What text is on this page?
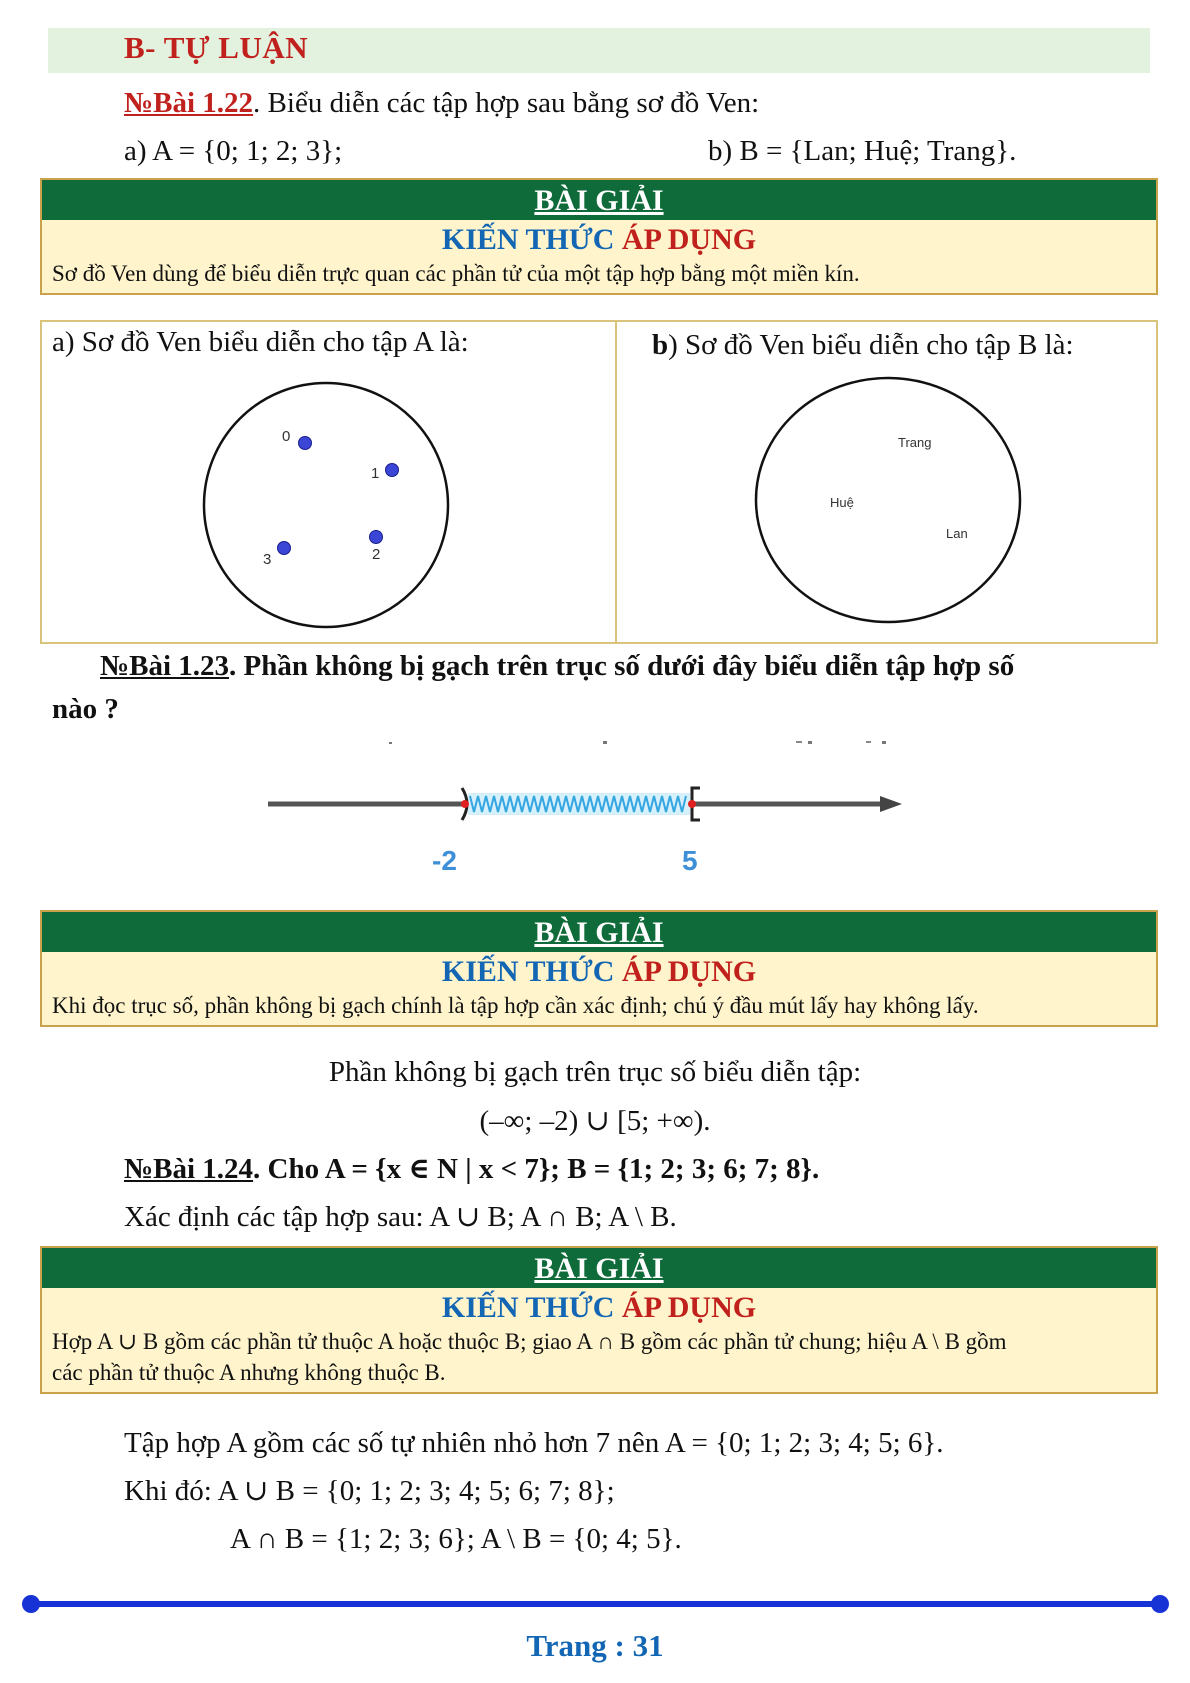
B- TỰ LUẬN
№Bài 1.22. Biểu diễn các tập hợp sau bằng sơ đồ Ven:
a) A = {0; 1; 2; 3};	b) B = {Lan; Huệ; Trang}.
BÀI GIẢI
KIẾN THỨC ÁP DỤNG
Sơ đồ Ven dùng để biểu diễn trực quan các phần tử của một tập hợp bằng một miền kín.
a) Sơ đồ Ven biểu diễn cho tập A là:	b) Sơ đồ Ven biểu diễn cho tập B là:
0
1
2
3
Trang
Huệ
Lan
№Bài 1.23. Phần không bị gạch trên trục số dưới đây biểu diễn tập hợp số
nào ?
-2	5
BÀI GIẢI
KIẾN THỨC ÁP DỤNG
Khi đọc trục số, phần không bị gạch chính là tập hợp cần xác định; chú ý đầu mút lấy hay không lấy.
Phần không bị gạch trên trục số biểu diễn tập:
(–∞; –2) ∪ [5; +∞).
№Bài 1.24. Cho A = {x ∈ N | x < 7}; B = {1; 2; 3; 6; 7; 8}.
Xác định các tập hợp sau: A ∪ B; A ∩ B; A \ B.
BÀI GIẢI
KIẾN THỨC ÁP DỤNG
Hợp A ∪ B gồm các phần tử thuộc A hoặc thuộc B; giao A ∩ B gồm các phần tử chung; hiệu A \ B gồm
các phần tử thuộc A nhưng không thuộc B.
Tập hợp A gồm các số tự nhiên nhỏ hơn 7 nên A = {0; 1; 2; 3; 4; 5; 6}.
Khi đó: A ∪ B = {0; 1; 2; 3; 4; 5; 6; 7; 8};
A ∩ B = {1; 2; 3; 6}; A \ B = {0; 4; 5}.
Trang : 31
